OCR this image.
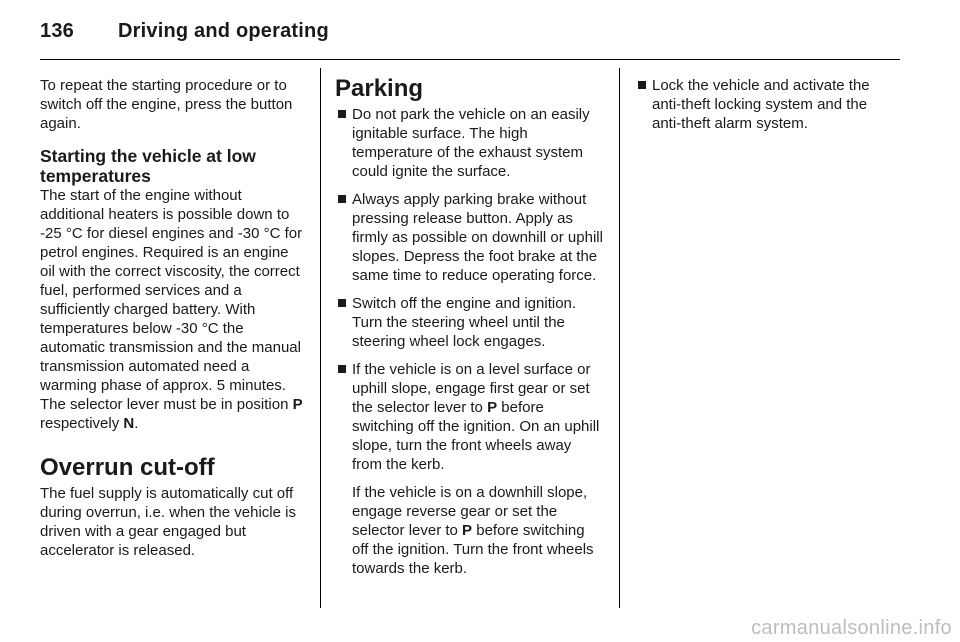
136 Driving and operating

To repeat the starting procedure or to switch off the engine, press the button again.

Starting the vehicle at low temperatures

The start of the engine without additional heaters is possible down to -25 °C for diesel engines and -30 °C for petrol engines. Required is an engine oil with the correct viscosity, the correct fuel, performed services and a sufficiently charged battery. With temperatures below -30 °C the automatic transmission and the manual transmission automated need a warming phase of approx. 5 minutes. The selector lever must be in position P respectively N.

Overrun cut-off

The fuel supply is automatically cut off during overrun, i.e. when the vehicle is driven with a gear engaged but accelerator is released.

Parking
Do not park the vehicle on an easily ignitable surface. The high temperature of the exhaust system could ignite the surface.
Always apply parking brake without pressing release button. Apply as firmly as possible on downhill or uphill slopes. Depress the foot brake at the same time to reduce operating force.
Switch off the engine and ignition. Turn the steering wheel until the steering wheel lock engages.
If the vehicle is on a level surface or uphill slope, engage first gear or set the selector lever to P before switching off the ignition. On an uphill slope, turn the front wheels away from the kerb.

If the vehicle is on a downhill slope, engage reverse gear or set the selector lever to P before switching off the ignition. Turn the front wheels towards the kerb.

Lock the vehicle and activate the anti-theft locking system and the anti-theft alarm system.
carmanualsonline.info
